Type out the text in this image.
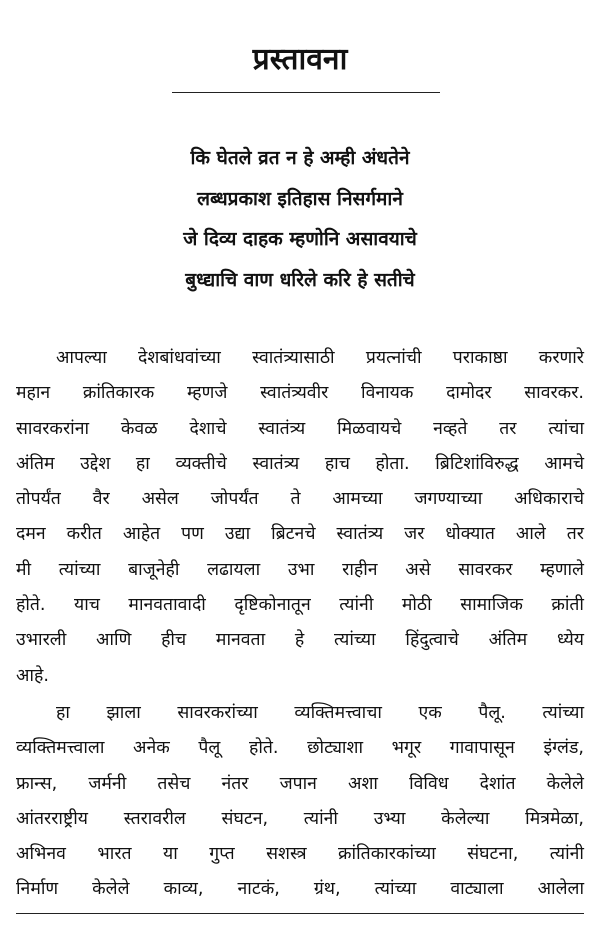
प्रस्तावना
कि घेतले व्रत न हे अम्ही अंधतेने
लब्धप्रकाश इतिहास निसर्गमाने
जे दिव्य दाहक म्हणोनि असावयाचे
बुध्द्याचि वाण धरिले करि हे सतीचे

आपल्या देशबांधवांच्या स्वातंत्र्यासाठी प्रयत्नांची पराकाष्ठा करणारे
महान क्रांतिकारक म्हणजे स्वातंत्र्यवीर विनायक दामोदर सावरकर.
सावरकरांना केवळ देशाचे स्वातंत्र्य मिळवायचे नव्हते तर त्यांचा
अंतिम उद्देश हा व्यक्तीचे स्वातंत्र्य हाच होता. ब्रिटिशांविरुद्ध आमचे
तोपर्यंत वैर असेल जोपर्यंत ते आमच्या जगण्याच्या अधिकाराचे
दमन करीत आहेत पण उद्या ब्रिटनचे स्वातंत्र्य जर धोक्यात आले तर
मी त्यांच्या बाजूनेही लढायला उभा राहीन असे सावरकर म्हणाले
होते. याच मानवतावादी दृष्टिकोनातून त्यांनी मोठी सामाजिक क्रांती
उभारली आणि हीच मानवता हे त्यांच्या हिंदुत्वाचे अंतिम ध्येय
आहे.

हा झाला सावरकरांच्या व्यक्तिमत्त्वाचा एक पैलू. त्यांच्या
व्यक्तिमत्त्वाला अनेक पैलू होते. छोट्याशा भगूर गावापासून इंग्लंड,
फ्रान्स, जर्मनी तसेच नंतर जपान अशा विविध देशांत केलेले
आंतरराष्ट्रीय स्तरावरील संघटन, त्यांनी उभ्या केलेल्या मित्रमेळा,
अभिनव भारत या गुप्त सशस्त्र क्रांतिकारकांच्या संघटना, त्यांनी
निर्माण केलेले काव्य, नाटकं, ग्रंथ, त्यांच्या वाट्याला आलेला
